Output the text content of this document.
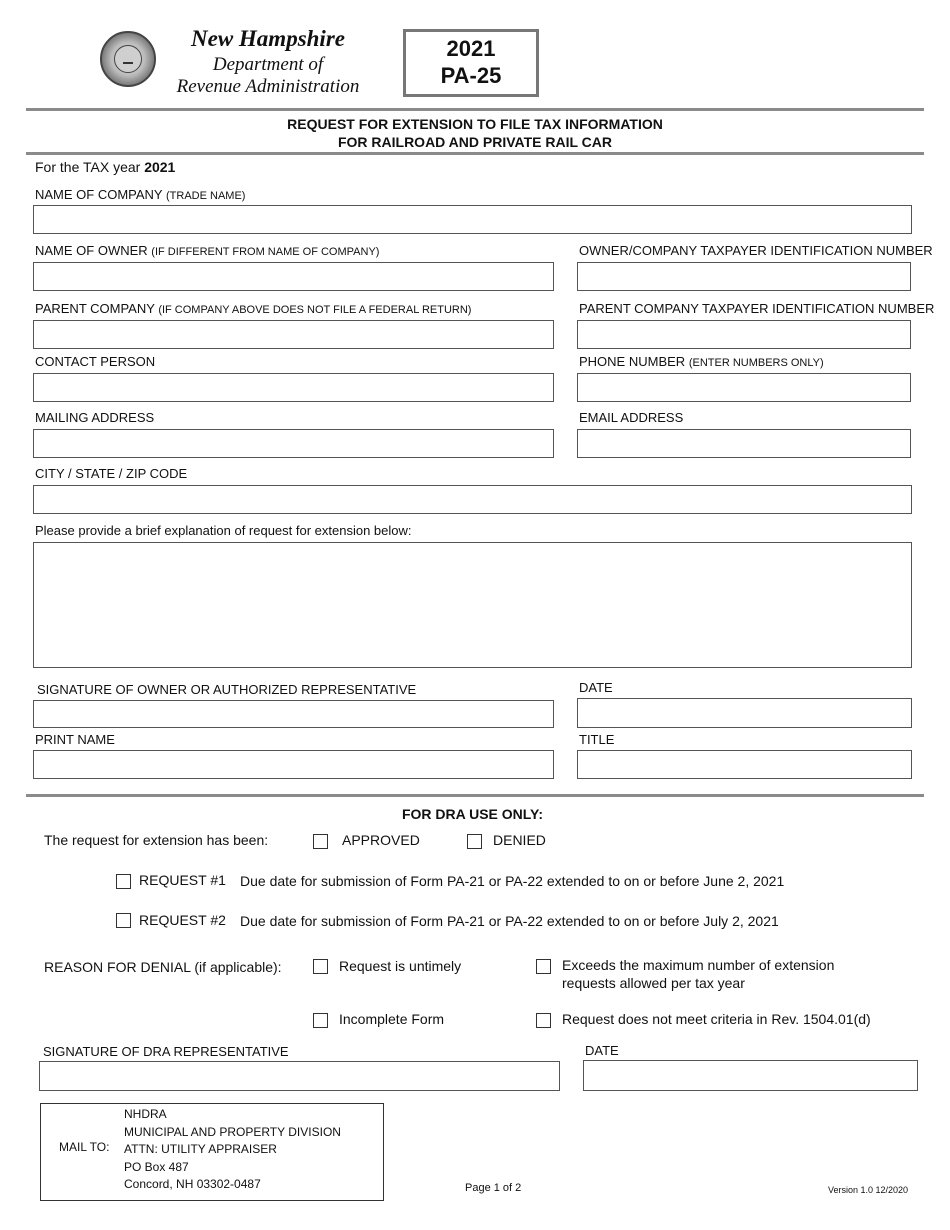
New Hampshire
Department of
Revenue Administration
2021
PA-25
REQUEST FOR EXTENSION TO FILE TAX INFORMATION
FOR RAILROAD AND PRIVATE RAIL CAR
For the TAX year 2021
NAME OF COMPANY (TRADE NAME)
NAME OF OWNER (IF DIFFERENT FROM NAME OF COMPANY)	OWNER/COMPANY TAXPAYER IDENTIFICATION NUMBER
PARENT COMPANY (IF COMPANY ABOVE DOES NOT FILE A FEDERAL RETURN)	PARENT COMPANY TAXPAYER IDENTIFICATION NUMBER
CONTACT PERSON	PHONE NUMBER (ENTER NUMBERS ONLY)
MAILING ADDRESS	EMAIL ADDRESS
CITY / STATE / ZIP CODE
Please provide a brief explanation of request for extension below:
SIGNATURE OF OWNER OR AUTHORIZED REPRESENTATIVE	DATE
PRINT NAME	TITLE
FOR DRA USE ONLY:
The request for extension has been:	APPROVED	DENIED
REQUEST #1 Due date for submission of Form PA-21 or PA-22 extended to on or before June 2, 2021
REQUEST #2 Due date for submission of Form PA-21 or PA-22 extended to on or before July 2, 2021
REASON FOR DENIAL (if applicable):	Request is untimely	Exceeds the maximum number of extension
requests allowed per tax year
Incomplete Form	Request does not meet criteria in Rev. 1504.01(d)
SIGNATURE OF DRA REPRESENTATIVE	DATE
MAIL TO:
NHDRA
MUNICIPAL AND PROPERTY DIVISION
ATTN: UTILITY APPRAISER
PO Box 487
Concord, NH 03302-0487	Page 1 of 2	Version 1.0 12/2020
